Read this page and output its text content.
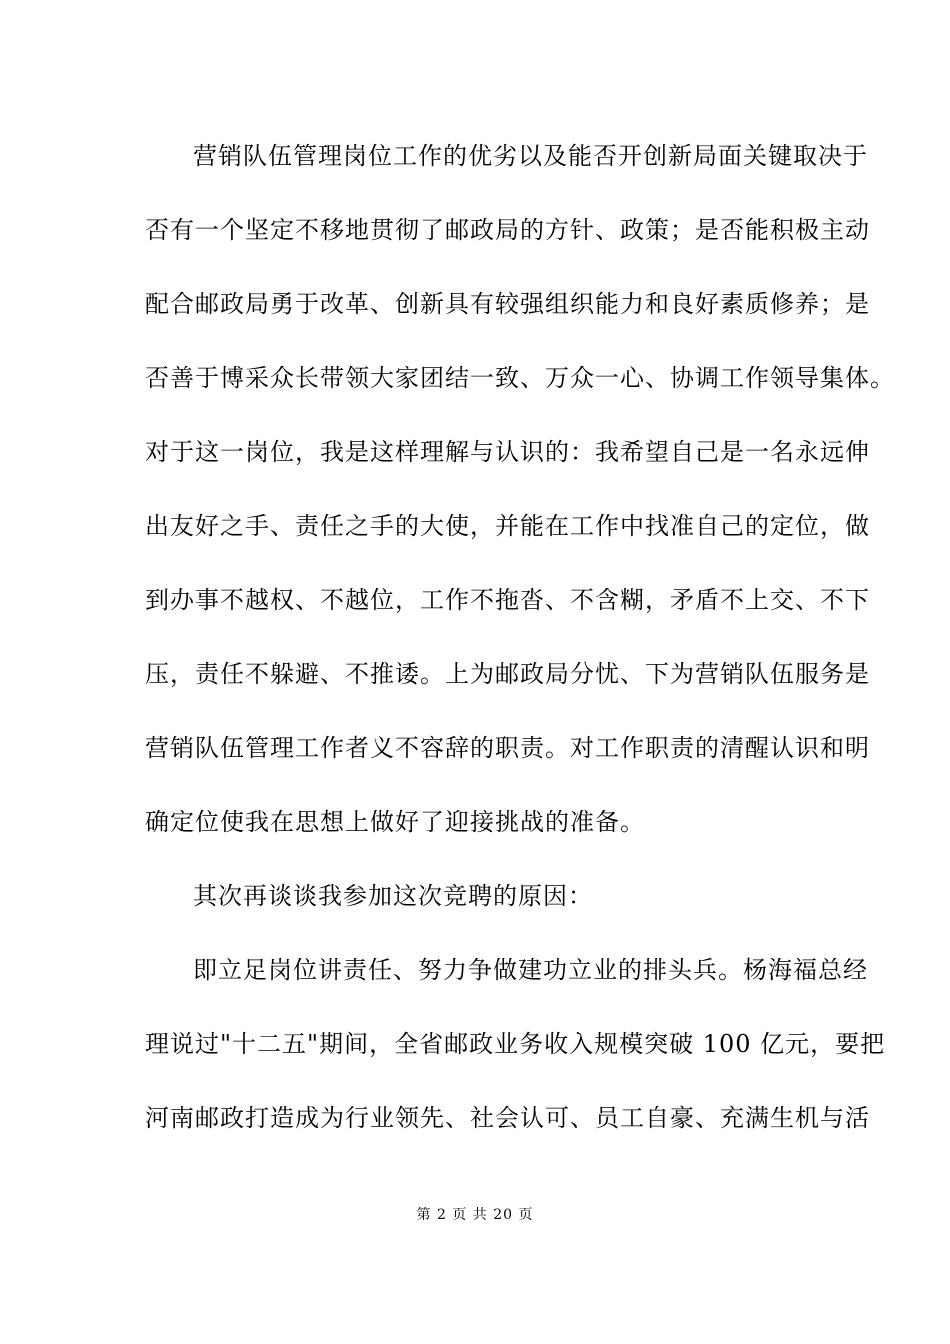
营销队伍管理岗位工作的优劣以及能否开创新局面关键取决于
否有一个坚定不移地贯彻了邮政局的方针、政策；是否能积极主动
配合邮政局勇于改革、创新具有较强组织能力和良好素质修养；是
否善于博采众长带领大家团结一致、万众一心、协调工作领导集体。
对于这一岗位，我是这样理解与认识的：我希望自己是一名永远伸
出友好之手、责任之手的大使，并能在工作中找准自己的定位，做
到办事不越权、不越位，工作不拖沓、不含糊，矛盾不上交、不下
压，责任不躲避、不推诿。上为邮政局分忧、下为营销队伍服务是
营销队伍管理工作者义不容辞的职责。对工作职责的清醒认识和明
确定位使我在思想上做好了迎接挑战的准备。
其次再谈谈我参加这次竞聘的原因：
即立足岗位讲责任、努力争做建功立业的排头兵。杨海福总经
理说过"十二五"期间，全省邮政业务收入规模突破 100 亿元，要把
河南邮政打造成为行业领先、社会认可、员工自豪、充满生机与活
第 2 页 共 20 页
